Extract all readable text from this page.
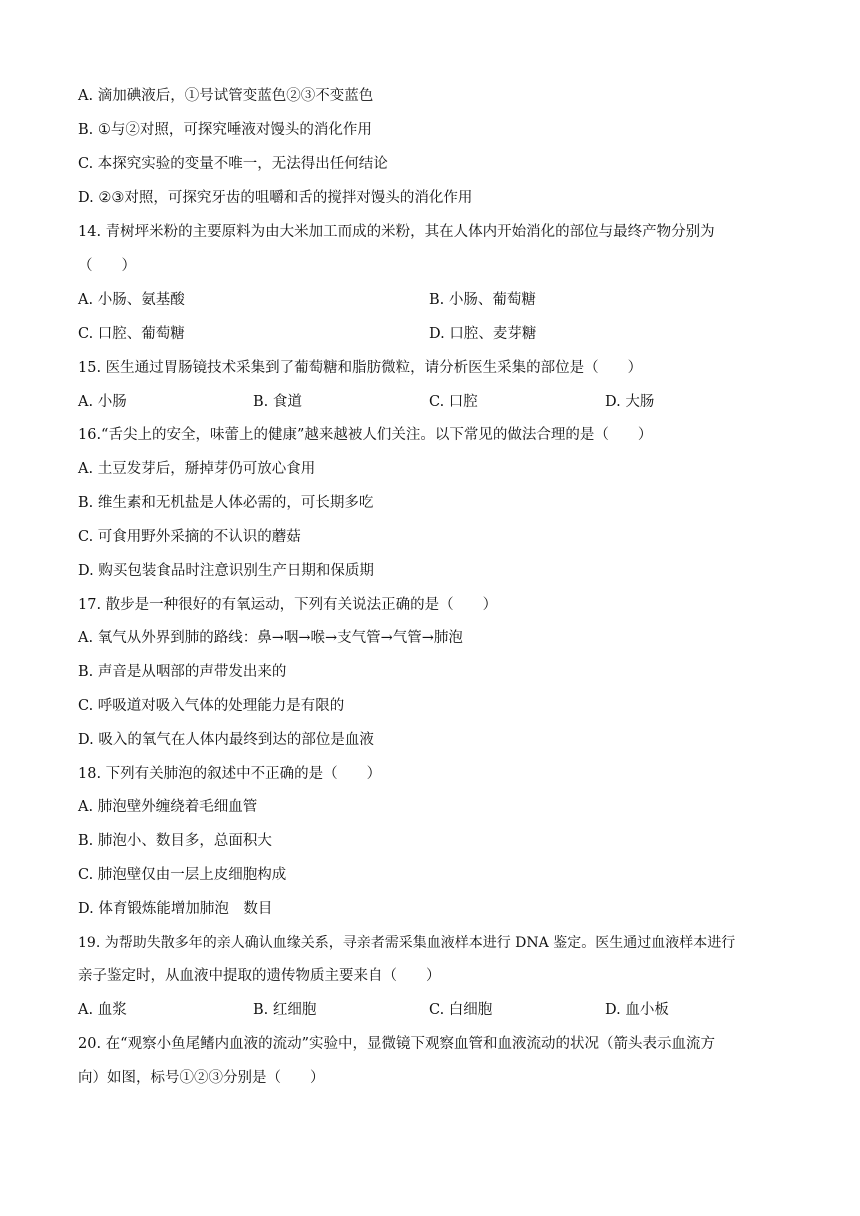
A. 滴加碘液后，①号试管变蓝色②③不变蓝色
B. ①与②对照，可探究唾液对馒头的消化作用
C. 本探究实验的变量不唯一，无法得出任何结论
D. ②③对照，可探究牙齿的咀嚼和舌的搅拌对馒头的消化作用
14. 青树坪米粉的主要原料为由大米加工而成的米粉，其在人体内开始消化的部位与最终产物分别为
（　　）
A. 小肠、氨基酸	B. 小肠、葡萄糖
C. 口腔、葡萄糖	D. 口腔、麦芽糖
15. 医生通过胃肠镜技术采集到了葡萄糖和脂肪微粒，请分析医生采集的部位是（　　）
A. 小肠	B. 食道	C. 口腔	D. 大肠
16.“舌尖上的安全，味蕾上的健康”越来越被人们关注。以下常见的做法合理的是（　　）
A. 土豆发芽后，掰掉芽仍可放心食用
B. 维生素和无机盐是人体必需的，可长期多吃
C. 可食用野外采摘的不认识的蘑菇
D. 购买包装食品时注意识别生产日期和保质期
17. 散步是一种很好的有氧运动，下列有关说法正确的是（　　）
A. 氧气从外界到肺的路线：鼻→咽→喉→支气管→气管→肺泡
B. 声音是从咽部的声带发出来的
C. 呼吸道对吸入气体的处理能力是有限的
D. 吸入的氧气在人体内最终到达的部位是血液
18. 下列有关肺泡的叙述中不正确的是（　　）
A. 肺泡壁外缠绕着毛细血管
B. 肺泡小、数目多，总面积大
C. 肺泡壁仅由一层上皮细胞构成
D. 体育锻炼能增加肺泡　数目
19. 为帮助失散多年的亲人确认血缘关系，寻亲者需采集血液样本进行 DNA 鉴定。医生通过血液样本进行
亲子鉴定时，从血液中提取的遗传物质主要来自（　　）
A. 血浆	B. 红细胞	C. 白细胞	D. 血小板
20. 在“观察小鱼尾鳍内血液的流动”实验中，显微镜下观察血管和血液流动的状况（箭头表示血流方
向）如图，标号①②③分别是（　　）
